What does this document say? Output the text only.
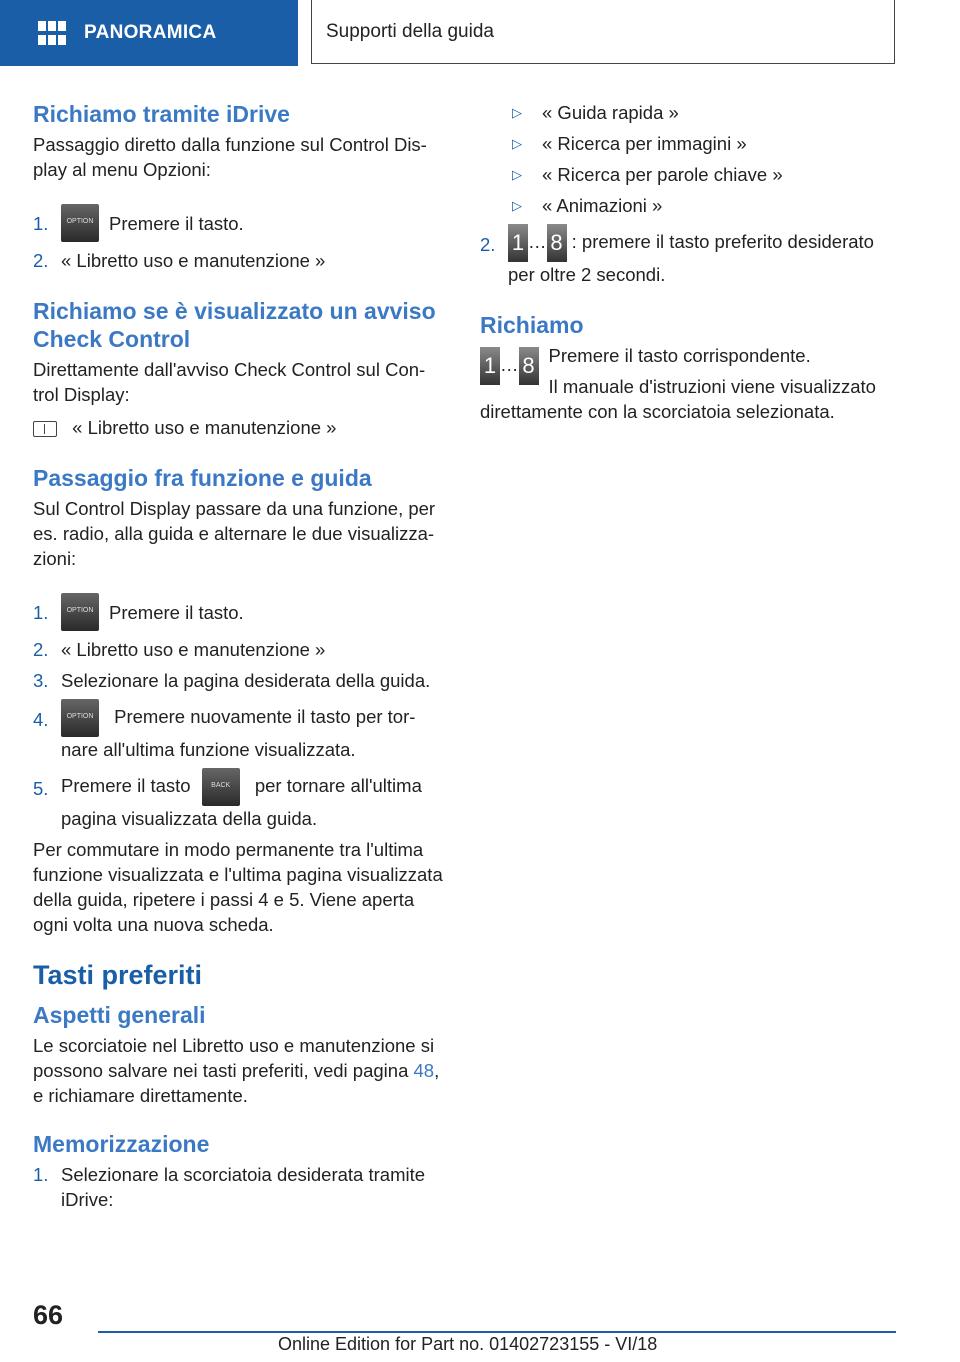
PANORAMICA	Supporti della guida
Richiamo tramite iDrive

Passaggio diretto dalla funzione sul Control Dis-play al menu Opzioni:

1.	OPTION Premere il tasto.
2. « Libretto uso e manutenzione »
Richiamo se è visualizzato un avviso Check Control

Direttamente dall'avviso Check Control sul Con-trol Display:

« Libretto uso e manutenzione »
Passaggio fra funzione e guida

Sul Control Display passare da una funzione, per es. radio, alla guida e alternare le due visualizza-zioni:

1.	OPTION Premere il tasto.
2. « Libretto uso e manutenzione »
3. Selezionare la pagina desiderata della guida.
4.	OPTION Premere nuovamente il tasto per tor-nare all'ultima funzione visualizzata.
5. Premere il tasto	BACK per tornare all'ultima pagina visualizzata della guida.

Per commutare in modo permanente tra l'ultima funzione visualizzata e l'ultima pagina visualizzata della guida, ripetere i passi 4 e 5. Viene aperta ogni volta una nuova scheda.

Tasti preferiti
Aspetti generali

Le scorciatoie nel Libretto uso e manutenzione si possono salvare nei tasti preferiti, vedi pagina 48, e richiamare direttamente.

Memorizzazione
1. Selezionare la scorciatoia desiderata tramite iDrive:
▷	« Guida rapida »
▷	« Ricerca per immagini »
▷	« Ricerca per parole chiave »
▷	« Animazioni »
2. 1 … 8 : premere il tasto preferito desiderato per oltre 2 secondi.
Richiamo
1 … 8 Premere il tasto corrispondente.
Il manuale d'istruzioni viene visualizzato direttamente con la scorciatoia selezionata.
66
Online Edition for Part no. 01402723155 - VI/18
